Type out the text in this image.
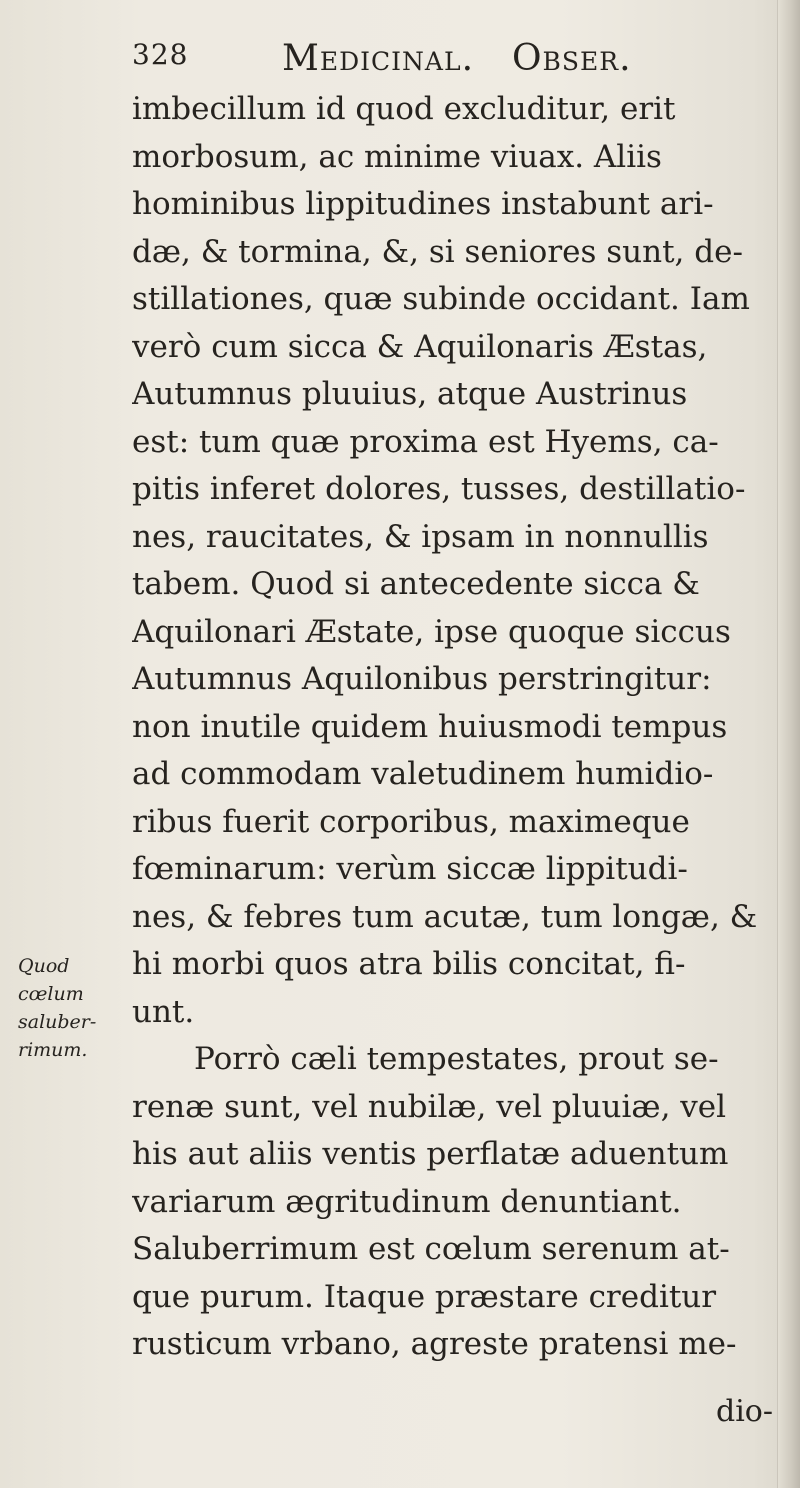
328	Medicinal. Obser.
imbecillum id quod excluditur, erit
morbosum, ac minime viuax. Aliis
hominibus lippitudines instabunt ari-
dæ, & tormina, &, si seniores sunt, de-
stillationes, quæ subinde occidant. Iam
verò cum sicca & Aquilonaris Æstas,
Autumnus pluuius, atque Austrinus
est: tum quæ proxima est Hyems, ca-
pitis inferet dolores, tusses, destillatio-
nes, raucitates, & ipsam in nonnullis
tabem. Quod si antecedente sicca &
Aquilonari Æstate, ipse quoque siccus
Autumnus Aquilonibus perstringitur:
non inutile quidem huiusmodi tempus
ad commodam valetudinem humidio-
ribus fuerit corporibus, maximeque
fœminarum: verùm siccæ lippitudi-
nes, & febres tum acutæ, tum longæ, &
hi morbi quos atra bilis concitat, fi-
unt.
Porrò cæli tempestates, prout se-
renæ sunt, vel nubilæ, vel pluuiæ, vel
his aut aliis ventis perflatæ aduentum
variarum ægritudinum denuntiant.
Saluberrimum est cœlum serenum at-
que purum. Itaque præstare creditur
rusticum vrbano, agreste pratensi me-
dio-
Quod
cœlum
saluber-
rimum.
